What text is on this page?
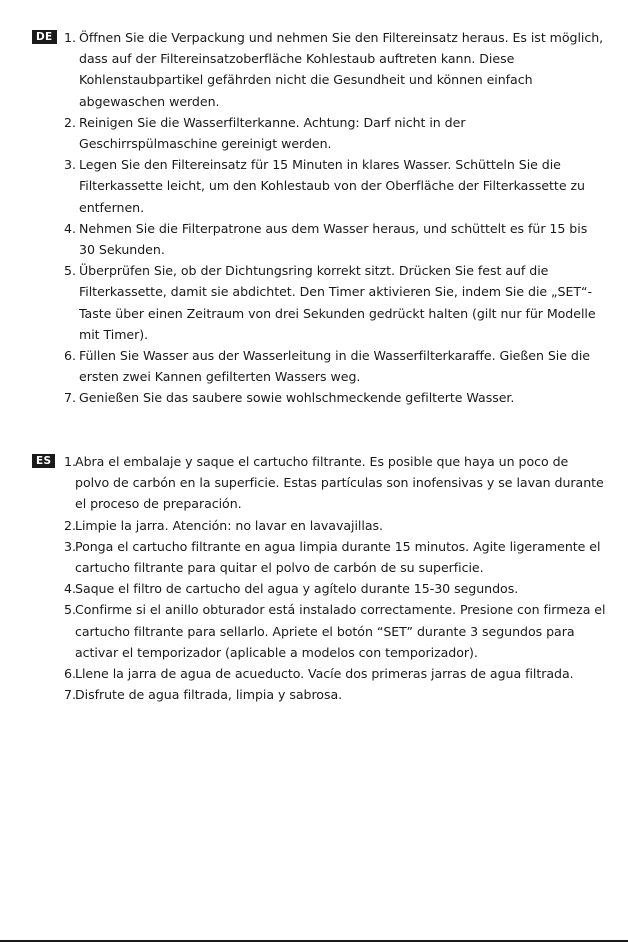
DE 1. Öffnen Sie die Verpackung und nehmen Sie den Filtereinsatz heraus. Es ist möglich, dass auf der Filtereinsatzoberfläche Kohlestaub auftreten kann. Diese Kohlenstaubpartikel gefährden nicht die Gesundheit und können einfach abgewaschen werden.
2. Reinigen Sie die Wasserfilterkanne. Achtung: Darf nicht in der Geschirrspülmaschine gereinigt werden.
3. Legen Sie den Filtereinsatz für 15 Minuten in klares Wasser. Schütteln Sie die Filterkassette leicht, um den Kohlestaub von der Oberfläche der Filterkassette zu entfernen.
4. Nehmen Sie die Filterpatrone aus dem Wasser heraus, und schüttelt es für 15 bis 30 Sekunden.
5. Überprüfen Sie, ob der Dichtungsring korrekt sitzt. Drücken Sie fest auf die Filterkassette, damit sie abdichtet. Den Timer aktivieren Sie, indem Sie die „SET“-Taste über einen Zeitraum von drei Sekunden gedrückt halten (gilt nur für Modelle mit Timer).
6. Füllen Sie Wasser aus der Wasserleitung in die Wasserfilterkaraffe. Gießen Sie die ersten zwei Kannen gefilterten Wassers weg.
7. Genießen Sie das saubere sowie wohlschmeckende gefilterte Wasser.
ES	1. Abra el embalaje y saque el cartucho filtrante. Es posible que haya un poco de polvo de carbón en la superficie. Estas partículas son inofensivas y se lavan durante el proceso de preparación.
2. Limpie la jarra. Atención: no lavar en lavavajillas.
3. Ponga el cartucho filtrante en agua limpia durante 15 minutos. Agite ligeramente el cartucho filtrante para quitar el polvo de carbón de su superficie.
4. Saque el filtro de cartucho del agua y agítelo durante 15-30 segundos.
5. Confirme si el anillo obturador está instalado correctamente. Presione con firmeza el cartucho filtrante para sellarlo. Apriete el botón “SET” durante 3 segundos para activar el temporizador (aplicable a modelos con temporizador).
6. Llene la jarra de agua de acueducto. Vacíe dos primeras jarras de agua filtrada.
7. Disfrute de agua filtrada, limpia y sabrosa.
